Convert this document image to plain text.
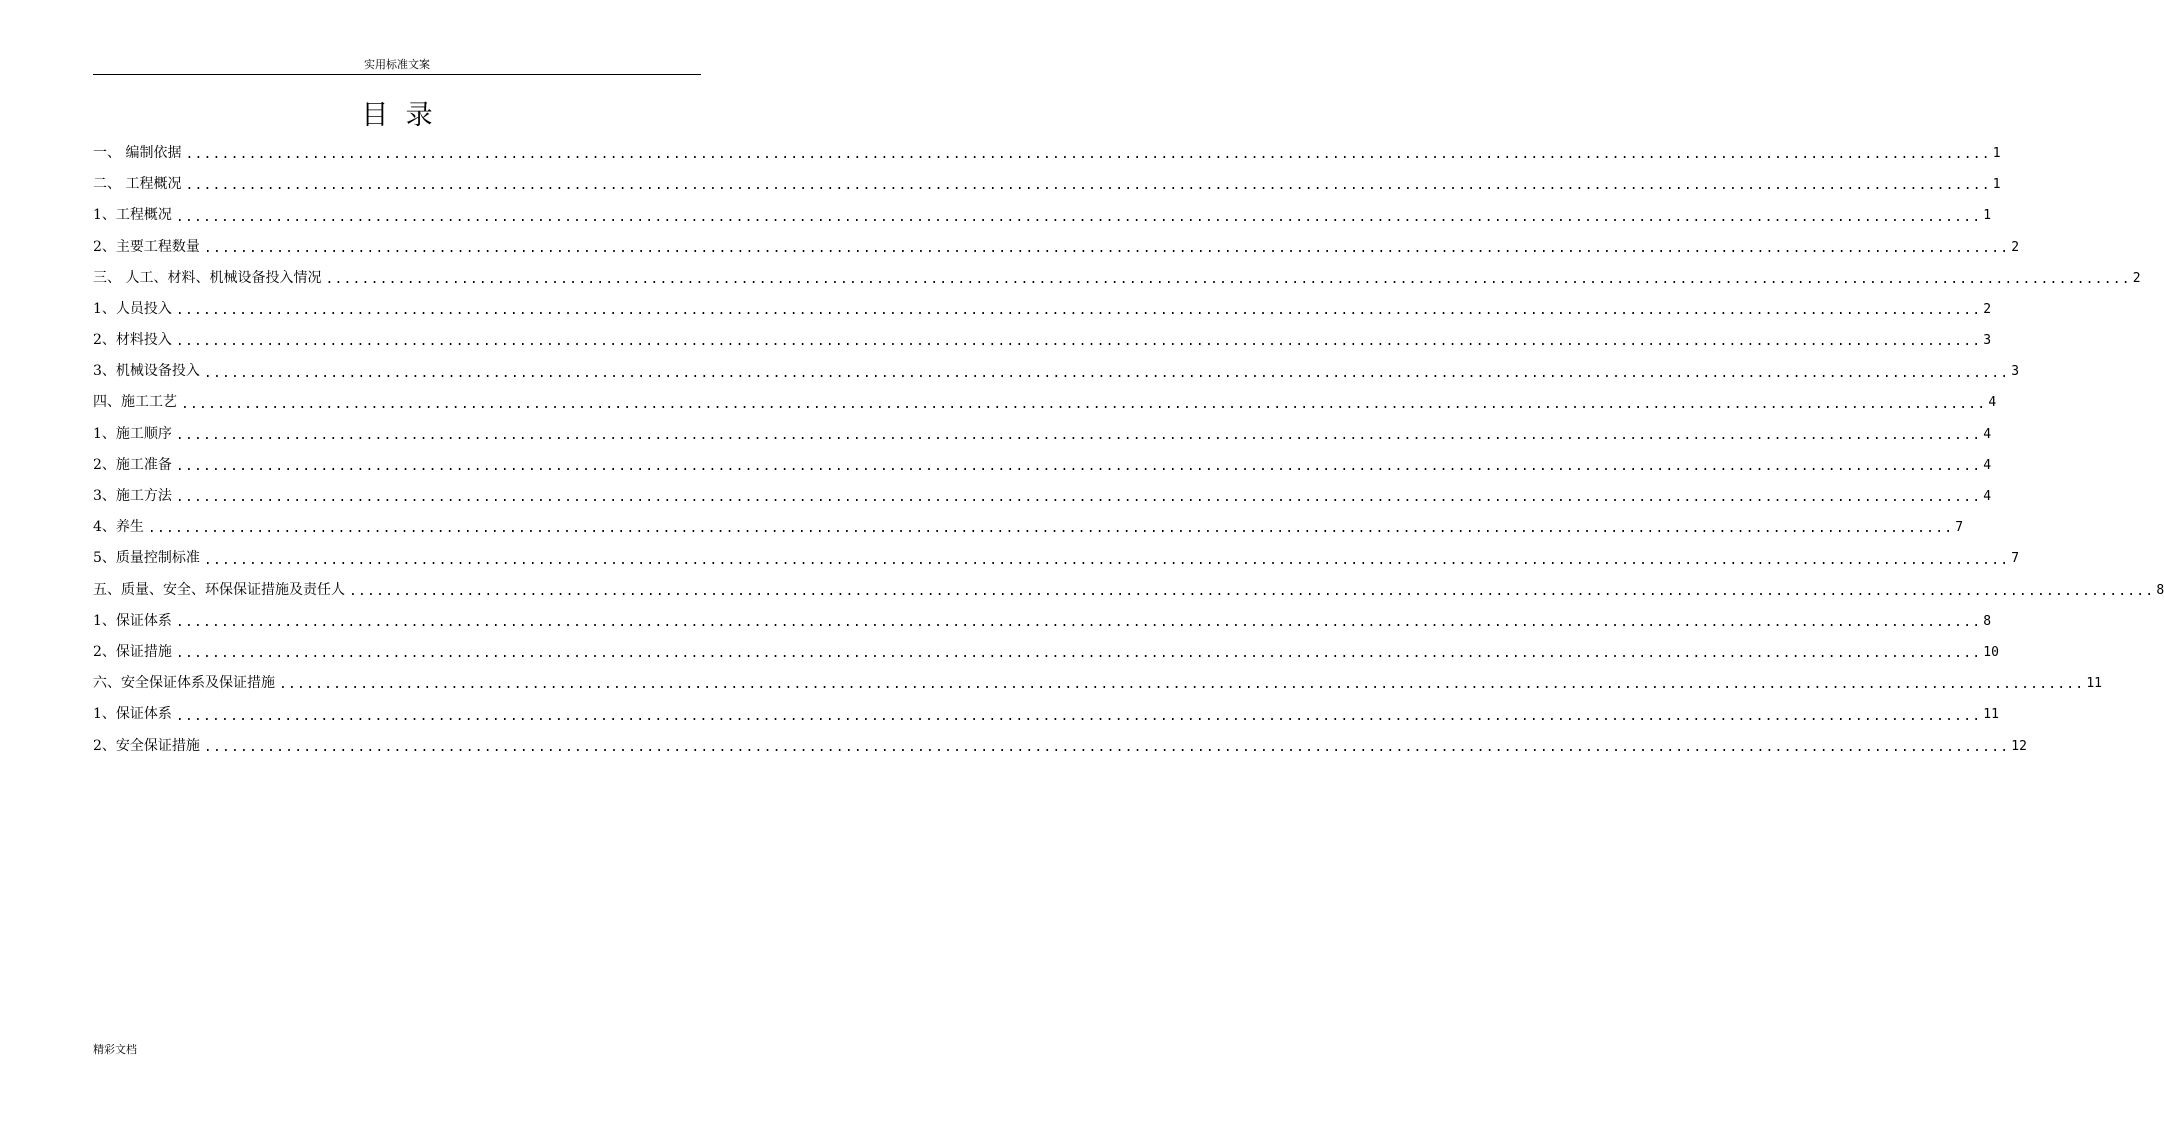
实用标准文案
目  录
一、 编制依据 ........................................................................................................................................................................................................ 1
二、 工程概况 ........................................................................................................................................................................................................ 1
1、工程概况 ........................................................................................................................................................................................................ 1
2、主要工程数量 ........................................................................................................................................................................................................ 2
三、 人工、材料、机械设备投入情况 ........................................................................................................................................................................................................ 2
1、人员投入 ........................................................................................................................................................................................................ 2
2、材料投入 ........................................................................................................................................................................................................ 3
3、机械设备投入 ........................................................................................................................................................................................................ 3
四、施工工艺 ........................................................................................................................................................................................................ 4
1、施工顺序 ........................................................................................................................................................................................................ 4
2、施工准备 ........................................................................................................................................................................................................ 4
3、施工方法 ........................................................................................................................................................................................................ 4
4、养生 ........................................................................................................................................................................................................ 7
5、质量控制标准 ........................................................................................................................................................................................................ 7
五、质量、安全、环保保证措施及责任人 ........................................................................................................................................................................................................ 8
1、保证体系 ........................................................................................................................................................................................................ 8
2、保证措施 ........................................................................................................................................................................................................ 10
六、安全保证体系及保证措施 ........................................................................................................................................................................................................ 11
1、保证体系 ........................................................................................................................................................................................................ 11
2、安全保证措施 ........................................................................................................................................................................................................ 12
精彩文档
